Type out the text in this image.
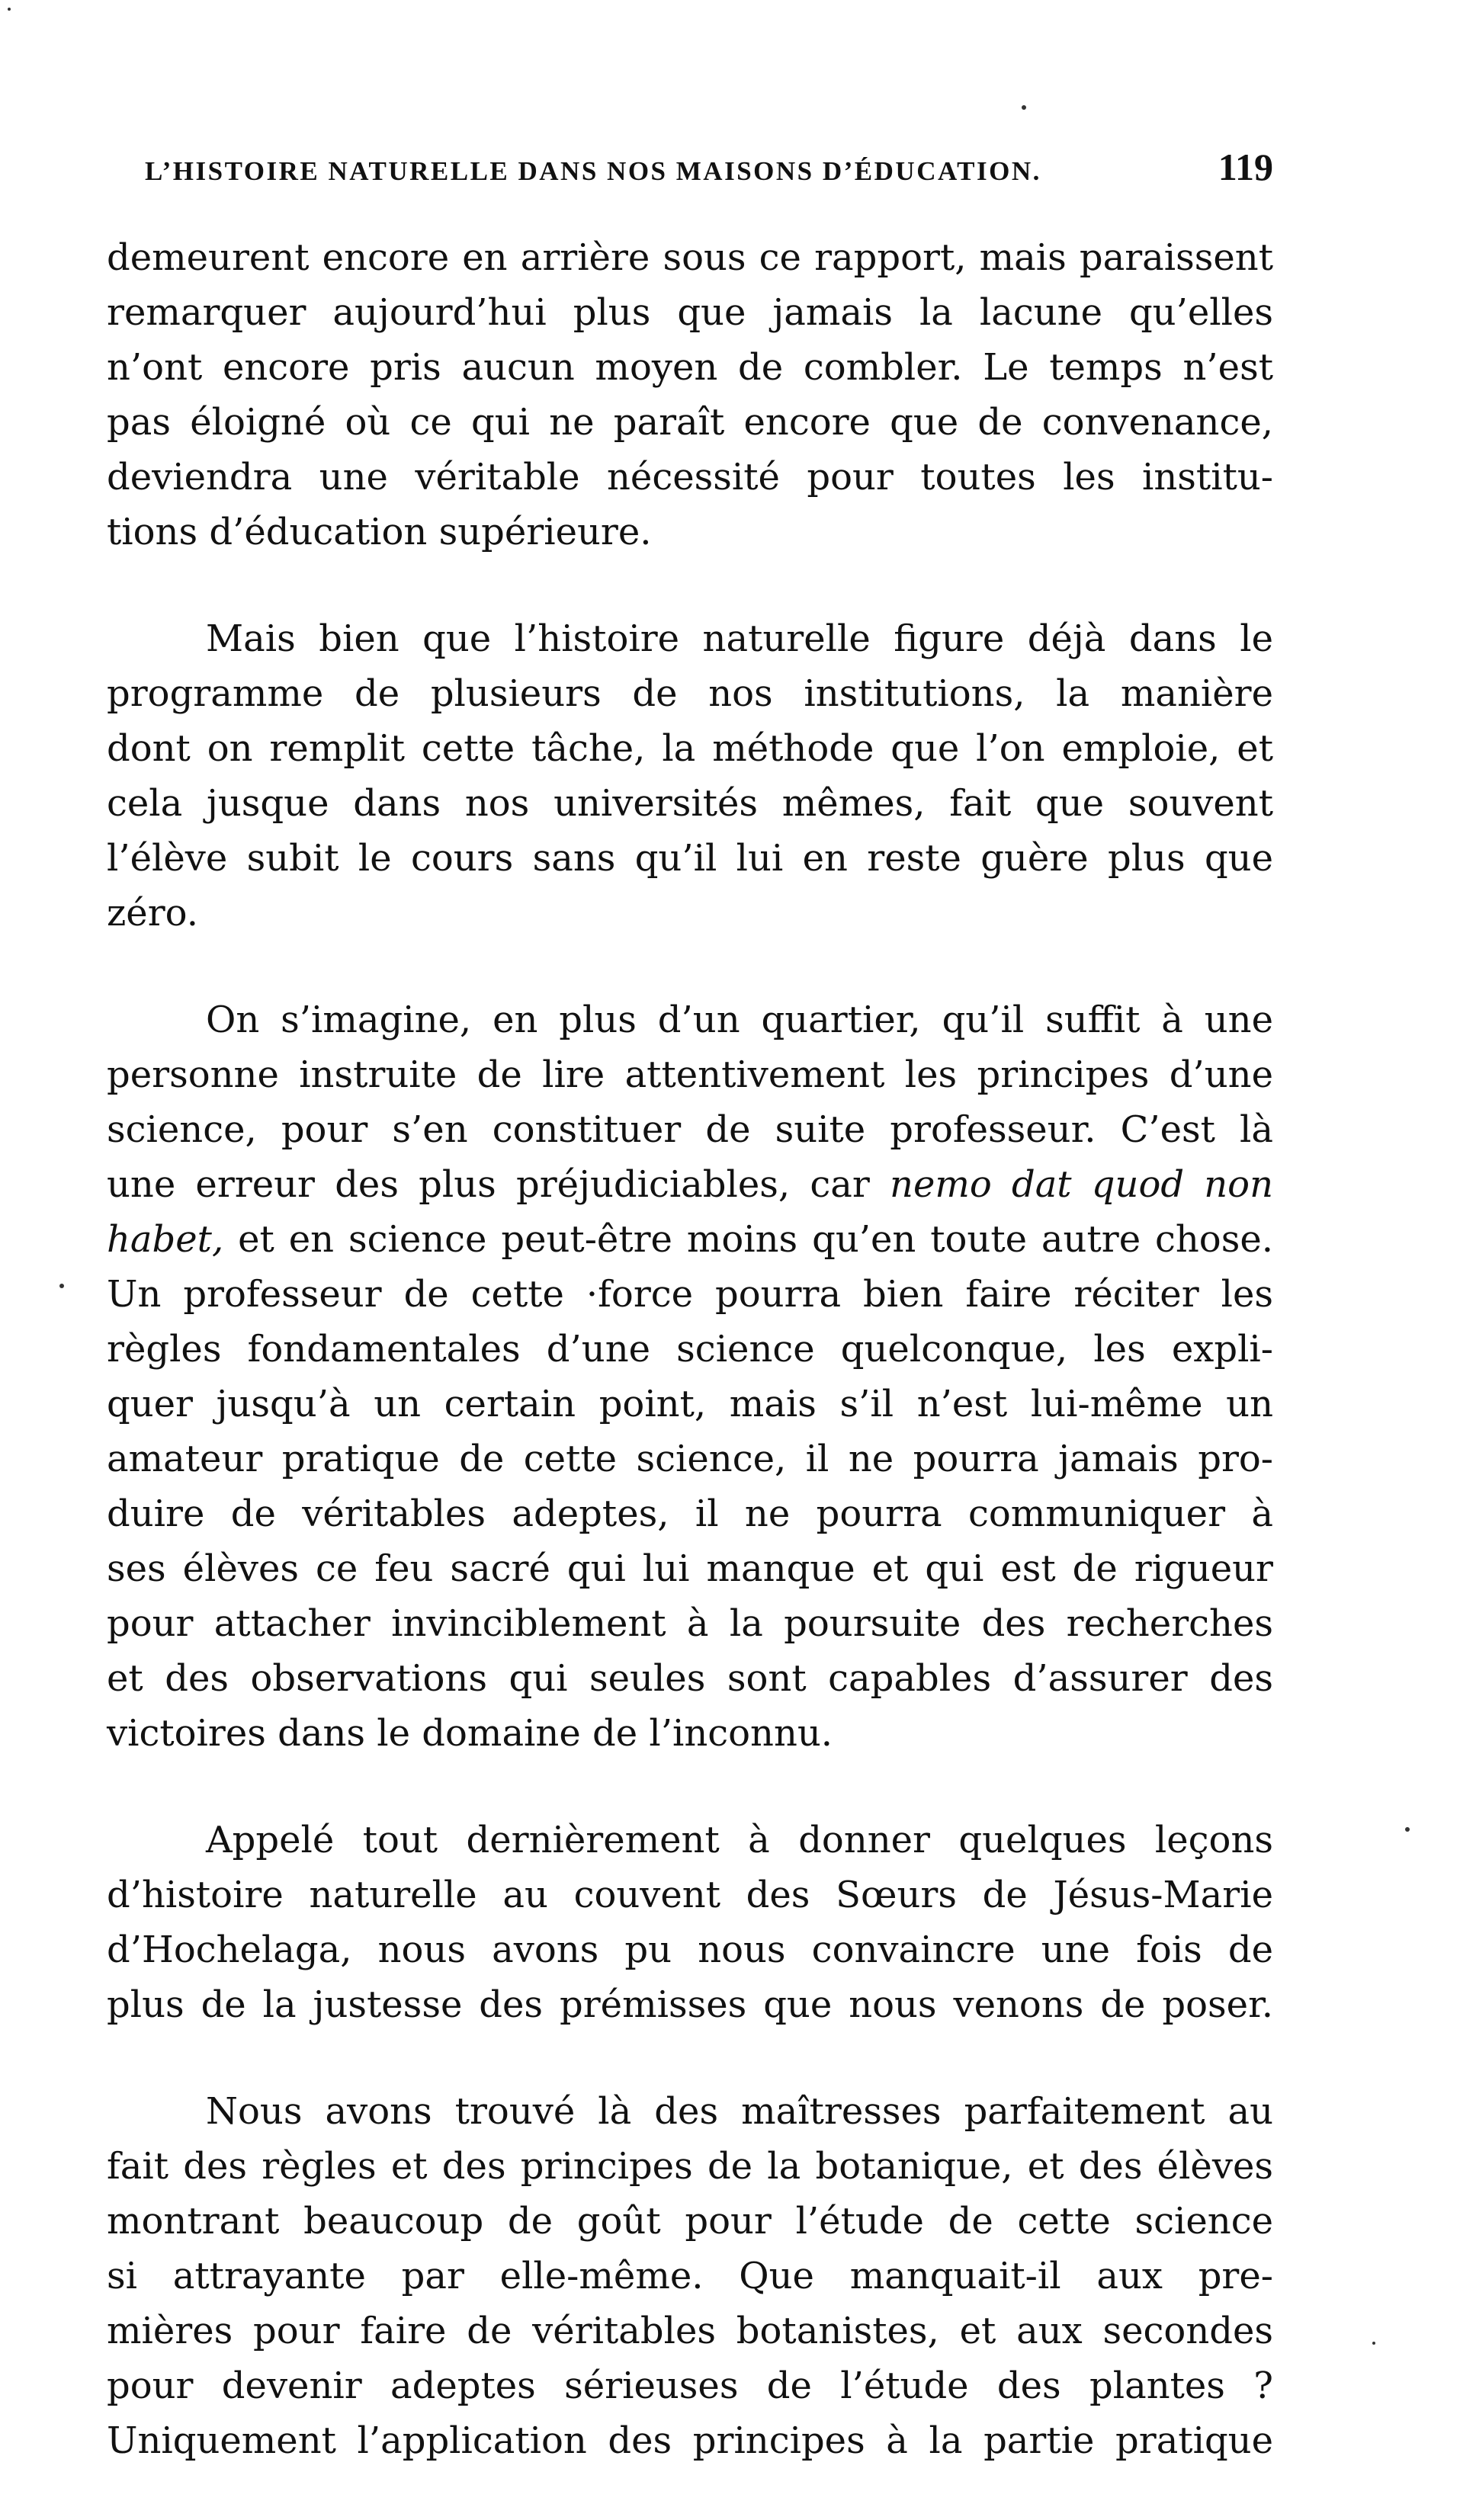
L’HISTOIRE NATURELLE DANS NOS MAISONS D’ÉDUCATION.	119
demeurent encore en arrière sous ce rapport, mais paraissent
remarquer aujourd’hui plus que jamais la lacune qu’elles
n’ont encore pris aucun moyen de combler. Le temps n’est
pas éloigné où ce qui ne paraît encore que de convenance,
deviendra une véritable nécessité pour toutes les institu-
tions d’éducation supérieure.
Mais bien que l’histoire naturelle figure déjà dans le
programme de plusieurs de nos institutions, la manière
dont on remplit cette tâche, la méthode que l’on emploie, et
cela jusque dans nos universités mêmes, fait que souvent
l’élève subit le cours sans qu’il lui en reste guère plus que
zéro.
On s’imagine, en plus d’un quartier, qu’il suffit à une
personne instruite de lire attentivement les principes d’une
science, pour s’en constituer de suite professeur. C’est là
une erreur des plus préjudiciables, car nemo dat quod non
habet, et en science peut-être moins qu’en toute autre chose.
Un professeur de cette ·force pourra bien faire réciter les
règles fondamentales d’une science quelconque, les expli-
quer jusqu’à un certain point, mais s’il n’est lui-même un
amateur pratique de cette science, il ne pourra jamais pro-
duire de véritables adeptes, il ne pourra communiquer à
ses élèves ce feu sacré qui lui manque et qui est de rigueur
pour attacher invinciblement à la poursuite des recherches
et des observations qui seules sont capables d’assurer des
victoires dans le domaine de l’inconnu.
Appelé tout dernièrement à donner quelques leçons
d’histoire naturelle au couvent des Sœurs de Jésus-Marie
d’Hochelaga, nous avons pu nous convaincre une fois de
plus de la justesse des prémisses que nous venons de poser.
Nous avons trouvé là des maîtresses parfaitement au
fait des règles et des principes de la botanique, et des élèves
montrant beaucoup de goût pour l’étude de cette science
si attrayante par elle-même. Que manquait-il aux pre-
mières pour faire de véritables botanistes, et aux secondes
pour devenir adeptes sérieuses de l’étude des plantes ?
Uniquement l’application des principes à la partie pratique
